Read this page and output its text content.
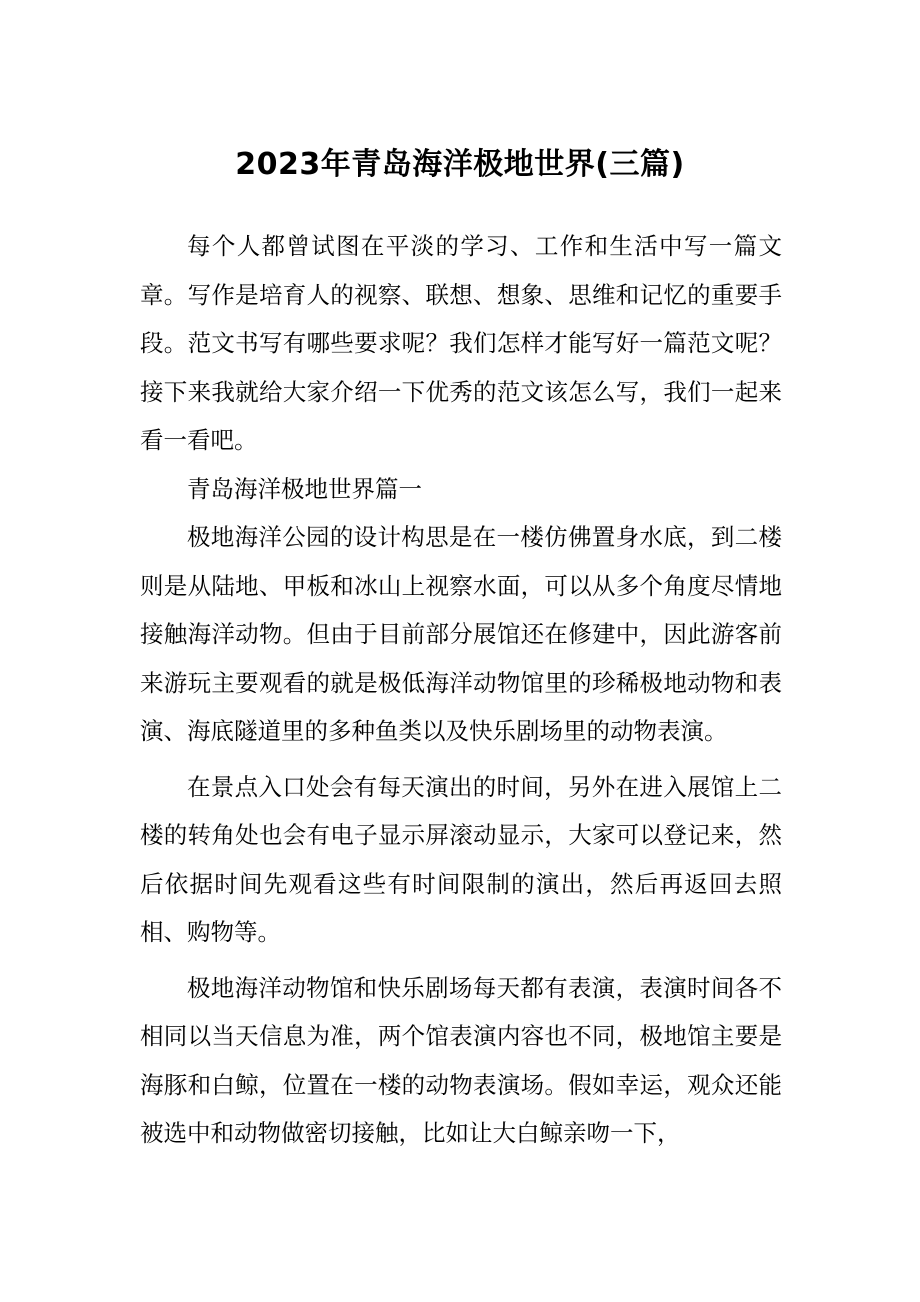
2023年青岛海洋极地世界(三篇)

每个人都曾试图在平淡的学习、工作和生活中写一篇文章。写作是培育人的视察、联想、想象、思维和记忆的重要手段。范文书写有哪些要求呢？我们怎样才能写好一篇范文呢？接下来我就给大家介绍一下优秀的范文该怎么写，我们一起来看一看吧。

青岛海洋极地世界篇一

极地海洋公园的设计构思是在一楼仿佛置身水底，到二楼则是从陆地、甲板和冰山上视察水面，可以从多个角度尽情地接触海洋动物。但由于目前部分展馆还在修建中，因此游客前来游玩主要观看的就是极低海洋动物馆里的珍稀极地动物和表演、海底隧道里的多种鱼类以及快乐剧场里的动物表演。

在景点入口处会有每天演出的时间，另外在进入展馆上二楼的转角处也会有电子显示屏滚动显示，大家可以登记来，然后依据时间先观看这些有时间限制的演出，然后再返回去照相、购物等。

极地海洋动物馆和快乐剧场每天都有表演，表演时间各不相同以当天信息为准，两个馆表演内容也不同，极地馆主要是海豚和白鲸，位置在一楼的动物表演场。假如幸运，观众还能被选中和动物做密切接触，比如让大白鲸亲吻一下，
